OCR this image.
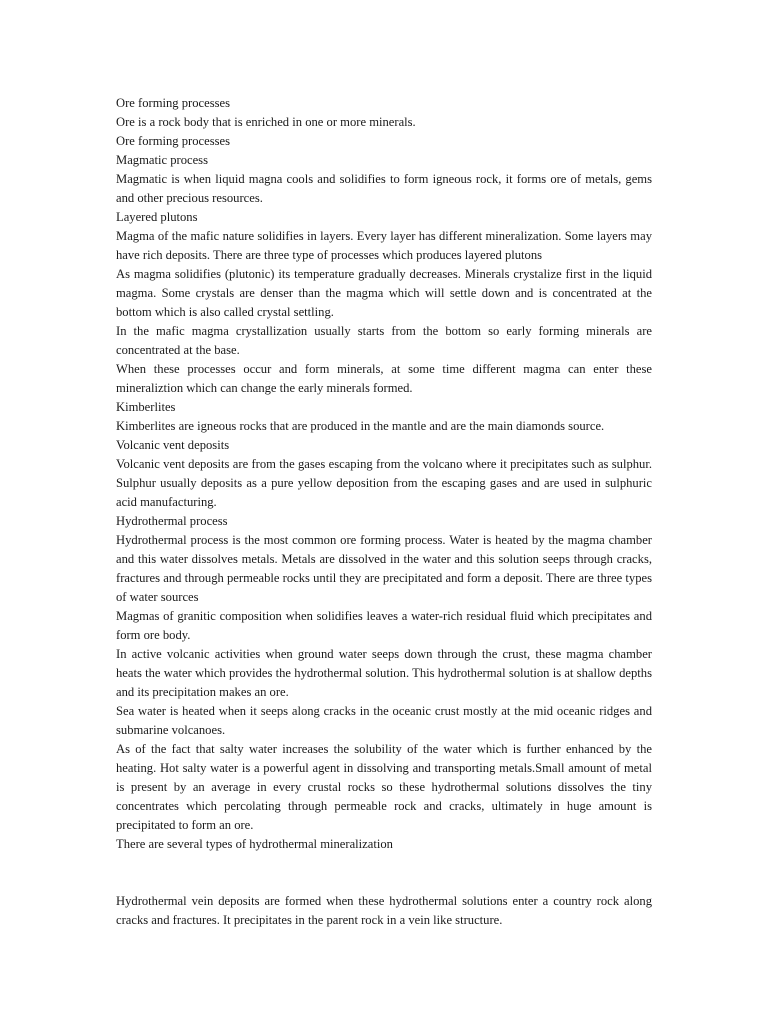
Ore forming processes

Ore is a rock body that is enriched in one or more minerals.

Ore forming processes

Magmatic process

Magmatic is when liquid magna cools and solidifies to form igneous rock, it forms ore of metals, gems and other precious resources.

Layered plutons

Magma of the mafic nature solidifies in layers. Every layer has different mineralization. Some layers may have rich deposits. There are three type of processes which produces layered plutons

As magma solidifies (plutonic) its temperature gradually decreases. Minerals crystalize first in the liquid magma. Some crystals are denser than the magma which will settle down and is concentrated at the bottom which is also called crystal settling.

In the mafic magma crystallization usually starts from the bottom so early forming minerals are concentrated at the base.

When these processes occur and form minerals, at some time different magma can enter these mineraliztion which can change the early minerals formed.

Kimberlites

Kimberlites are igneous rocks that are produced in the mantle and are the main diamonds source.

Volcanic vent deposits

Volcanic vent deposits are from the gases escaping from the volcano where it precipitates such as sulphur. Sulphur usually deposits as a pure yellow deposition from the escaping gases and are used in sulphuric acid manufacturing.

Hydrothermal process

Hydrothermal process is the most common ore forming process. Water is heated by the magma chamber and this water dissolves metals. Metals are dissolved in the water and this solution seeps through cracks, fractures and through permeable rocks until they are precipitated and form a deposit. There are three types of water sources

Magmas of granitic composition when solidifies leaves a water-rich residual fluid which precipitates and form ore body.

In active volcanic activities when ground water seeps down through the crust, these magma chamber heats the water which provides the hydrothermal solution. This hydrothermal solution is at shallow depths and its precipitation makes an ore.

Sea water is heated when it seeps along cracks in the oceanic crust mostly at the mid oceanic ridges and submarine volcanoes.

As of the fact that salty water increases the solubility of the water which is further enhanced by the heating. Hot salty water is a powerful agent in dissolving and transporting metals.Small amount of metal is present by an average in every crustal rocks so these hydrothermal solutions dissolves the tiny concentrates which percolating through permeable rock and cracks, ultimately in huge amount is precipitated to form an ore.

There are several types of hydrothermal mineralization

Hydrothermal vein deposits are formed when these hydrothermal solutions enter a country rock along cracks and fractures. It precipitates in the parent rock in a vein like structure.
